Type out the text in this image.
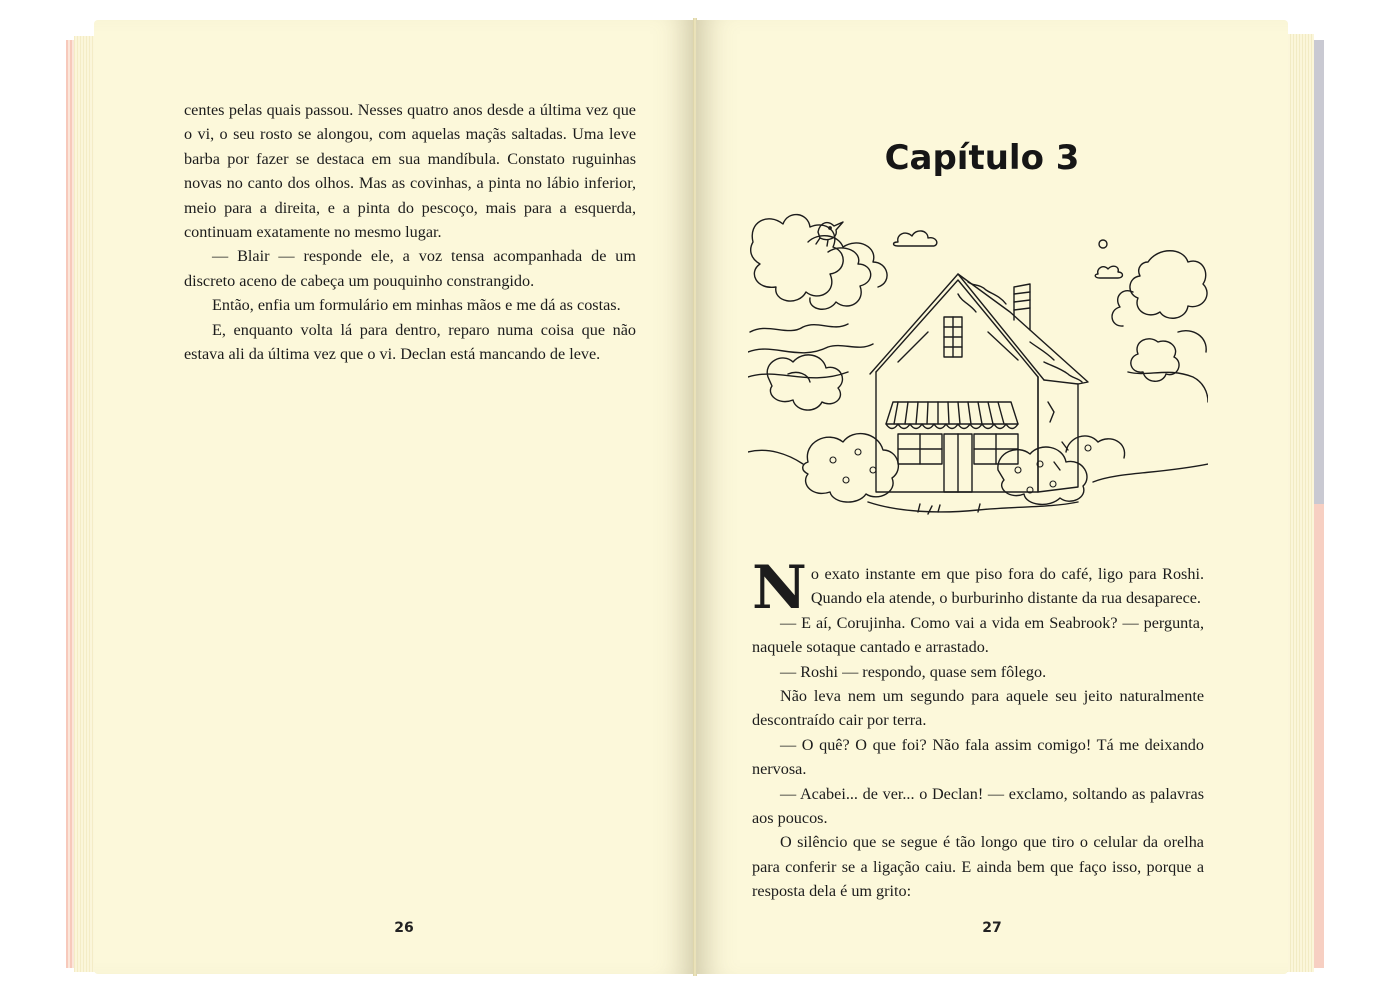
centes pelas quais passou. Nesses quatro anos desde a última vez que o vi, o seu rosto se alongou, com aquelas maçãs saltadas. Uma leve barba por fazer se destaca em sua mandíbula. Constato ruguinhas novas no canto dos olhos. Mas as covinhas, a pinta no lábio inferior, meio para a direita, e a pinta do pescoço, mais para a esquerda, continuam exatamente no mesmo lugar.

— Blair — responde ele, a voz tensa acompanhada de um discreto aceno de cabeça um pouquinho constrangido.

Então, enfia um formulário em minhas mãos e me dá as costas.

E, enquanto volta lá para dentro, reparo numa coisa que não estava ali da última vez que o vi. Declan está mancando de leve.

26
Capítulo 3

No exato instante em que piso fora do café, ligo para Roshi. Quando ela atende, o burburinho distante da rua desaparece.

— E aí, Corujinha. Como vai a vida em Seabrook? — pergunta, naquele sotaque cantado e arrastado.

— Roshi — respondo, quase sem fôlego.

Não leva nem um segundo para aquele seu jeito naturalmente descontraído cair por terra.

— O quê? O que foi? Não fala assim comigo! Tá me deixando nervosa.

— Acabei... de ver... o Declan! — exclamo, soltando as palavras aos poucos.

O silêncio que se segue é tão longo que tiro o celular da orelha para conferir se a ligação caiu. E ainda bem que faço isso, porque a resposta dela é um grito:

27
